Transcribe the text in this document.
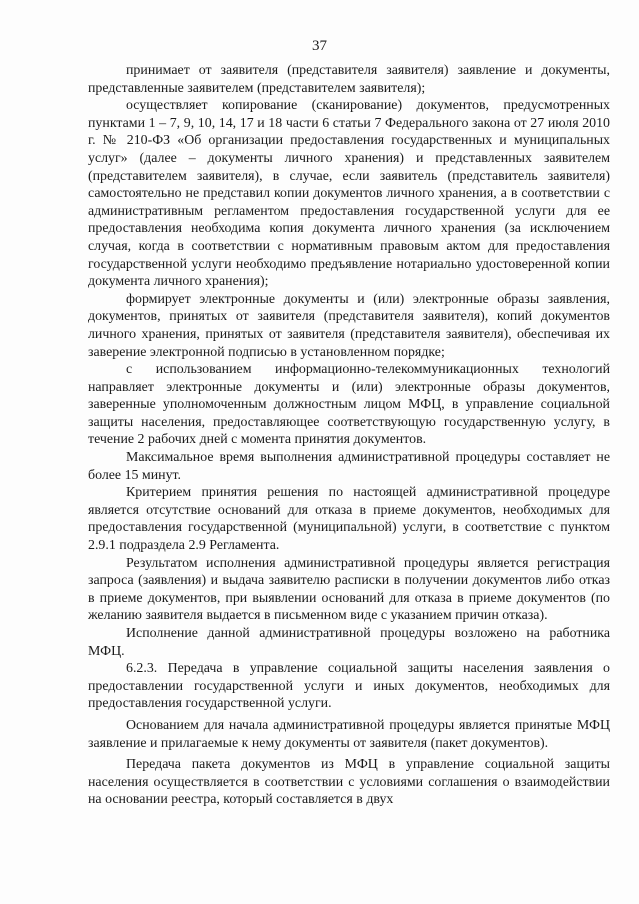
37

принимает от заявителя (представителя заявителя) заявление и документы, представленные заявителем (представителем заявителя);

осуществляет копирование (сканирование) документов, предусмотренных пунктами 1 – 7, 9, 10, 14, 17 и 18 части 6 статьи 7 Федерального закона от 27 июля 2010 г. № 210-ФЗ «Об организации предоставления государственных и муниципальных услуг» (далее – документы личного хранения) и представленных заявителем (представителем заявителя), в случае, если заявитель (представитель заявителя) самостоятельно не представил копии документов личного хранения, а в соответствии с административным регламентом предоставления государственной услуги для ее предоставления необходима копия документа личного хранения (за исключением случая, когда в соответствии с нормативным правовым актом для предоставления государственной услуги необходимо предъявление нотариально удостоверенной копии документа личного хранения);

формирует электронные документы и (или) электронные образы заявления, документов, принятых от заявителя (представителя заявителя), копий документов личного хранения, принятых от заявителя (представителя заявителя), обеспечивая их заверение электронной подписью в установленном порядке;

с использованием информационно-телекоммуникационных технологий направляет электронные документы и (или) электронные образы документов, заверенные уполномоченным должностным лицом МФЦ, в управление социальной защиты населения, предоставляющее соответствующую государственную услугу, в течение 2 рабочих дней с момента принятия документов.

Максимальное время выполнения административной процедуры составляет не более 15 минут.

Критерием принятия решения по настоящей административной процедуре является отсутствие оснований для отказа в приеме документов, необходимых для предоставления государственной (муниципальной) услуги, в соответствие с пунктом 2.9.1 подраздела 2.9 Регламента.

Результатом исполнения административной процедуры является регистрация запроса (заявления) и выдача заявителю расписки в получении документов либо отказ в приеме документов, при выявлении оснований для отказа в приеме документов (по желанию заявителя выдается в письменном виде с указанием причин отказа).

Исполнение данной административной процедуры возложено на работника МФЦ.

6.2.3. Передача в управление социальной защиты населения заявления о предоставлении государственной услуги и иных документов, необходимых для предоставления государственной услуги.

Основанием для начала административной процедуры является принятые МФЦ заявление и прилагаемые к нему документы от заявителя (пакет документов).

Передача пакета документов из МФЦ в управление социальной защиты населения осуществляется в соответствии с условиями соглашения о взаимодействии на основании реестра, который составляется в двух
